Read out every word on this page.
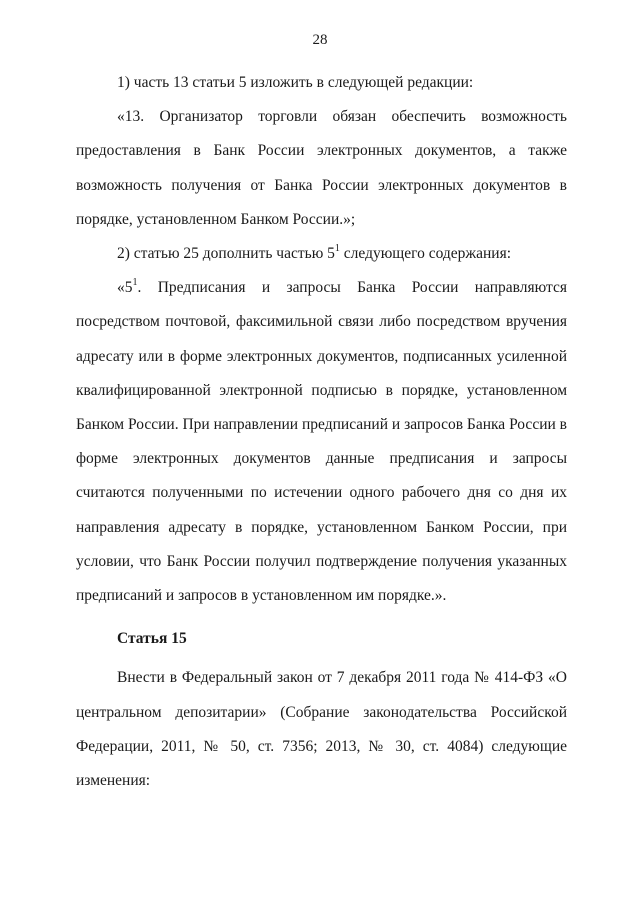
28

1) часть 13 статьи 5 изложить в следующей редакции:

«13. Организатор торговли обязан обеспечить возможность предоставления в Банк России электронных документов, а также возможность получения от Банка России электронных документов в порядке, установленном Банком России.»;

2) статью 25 дополнить частью $5^1$ следующего содержания:

«$5^1$. Предписания и запросы Банка России направляются посредством почтовой, факсимильной связи либо посредством вручения адресату или в форме электронных документов, подписанных усиленной квалифицированной электронной подписью в порядке, установленном Банком России. При направлении предписаний и запросов Банка России в форме электронных документов данные предписания и запросы считаются полученными по истечении одного рабочего дня со дня их направления адресату в порядке, установленном Банком России, при условии, что Банк России получил подтверждение получения указанных предписаний и запросов в установленном им порядке.».

Статья 15

Внести в Федеральный закон от 7 декабря 2011 года № 414-ФЗ «О центральном депозитарии» (Собрание законодательства Российской Федерации, 2011, № 50, ст. 7356; 2013, № 30, ст. 4084) следующие изменения:
